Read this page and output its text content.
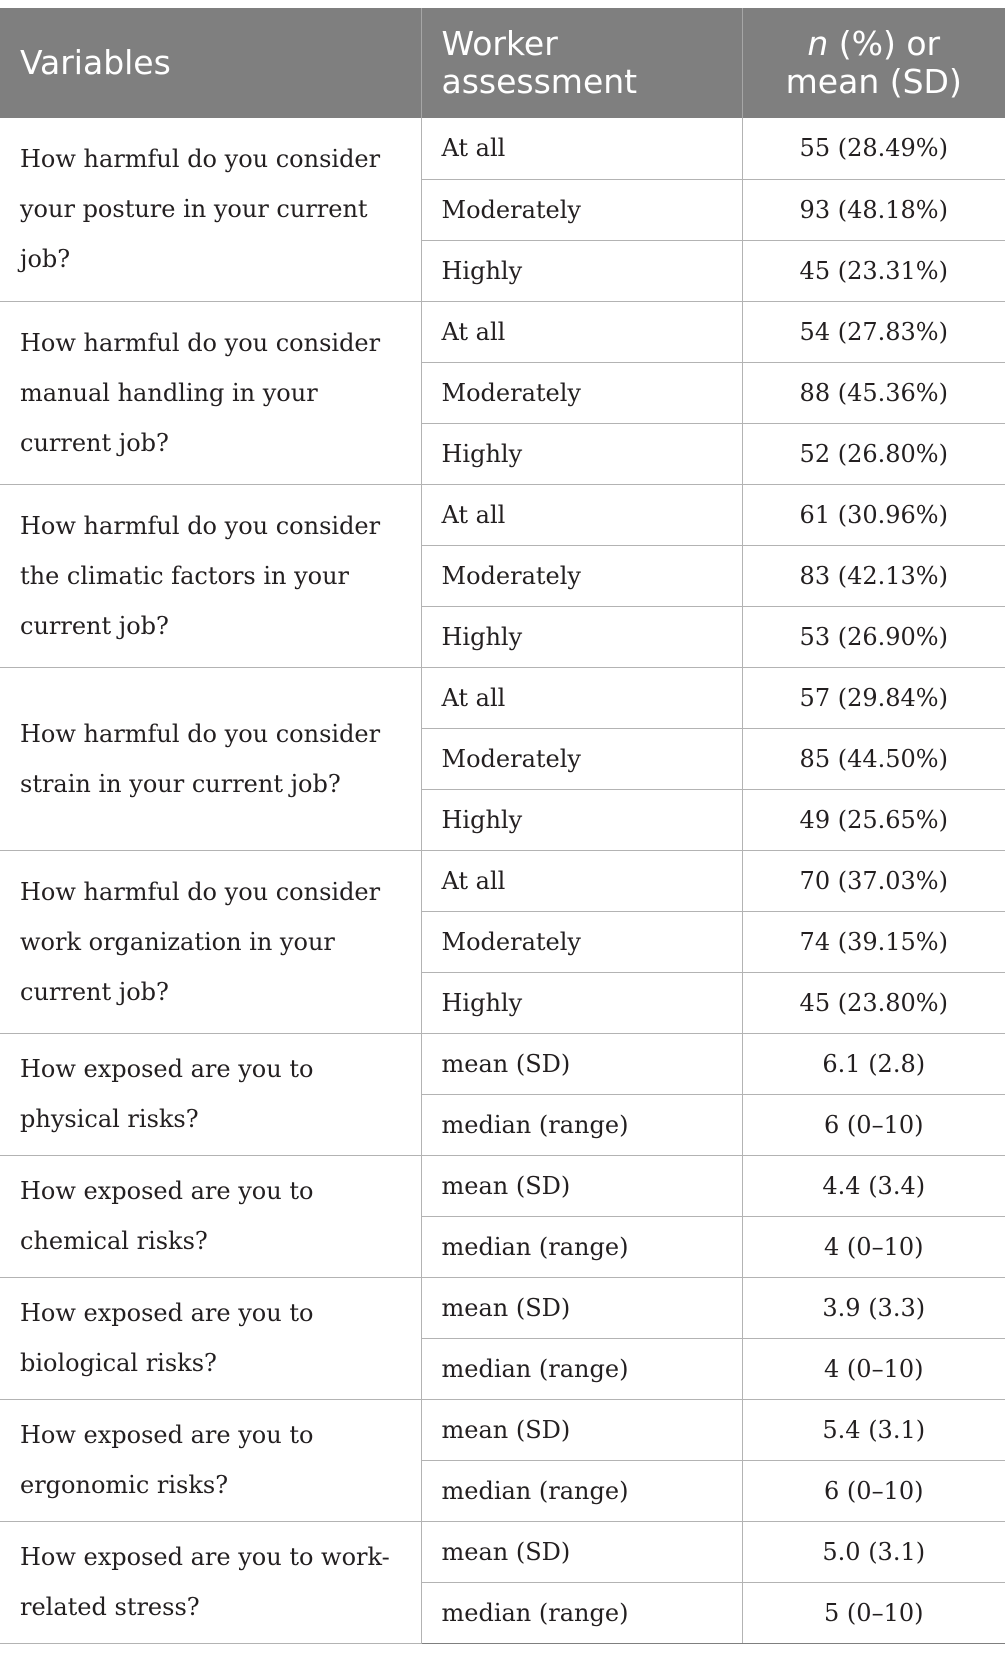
Variables	Worker assessment	n (%) or mean (SD)
How harmful do you consider your posture in your current job?	At all	55 (28.49%)
	Moderately	93 (48.18%)
	Highly	45 (23.31%)
How harmful do you consider manual handling in your current job?	At all	54 (27.83%)
	Moderately	88 (45.36%)
	Highly	52 (26.80%)
How harmful do you consider the climatic factors in your current job?	At all	61 (30.96%)
	Moderately	83 (42.13%)
	Highly	53 (26.90%)
How harmful do you consider strain in your current job?	At all	57 (29.84%)
	Moderately	85 (44.50%)
	Highly	49 (25.65%)
How harmful do you consider work organization in your current job?	At all	70 (37.03%)
	Moderately	74 (39.15%)
	Highly	45 (23.80%)
How exposed are you to physical risks?	mean (SD)	6.1 (2.8)
	median (range)	6 (0–10)
How exposed are you to chemical risks?	mean (SD)	4.4 (3.4)
	median (range)	4 (0–10)
How exposed are you to biological risks?	mean (SD)	3.9 (3.3)
	median (range)	4 (0–10)
How exposed are you to ergonomic risks?	mean (SD)	5.4 (3.1)
	median (range)	6 (0–10)
How exposed are you to work-related stress?	mean (SD)	5.0 (3.1)
	median (range)	5 (0–10)
